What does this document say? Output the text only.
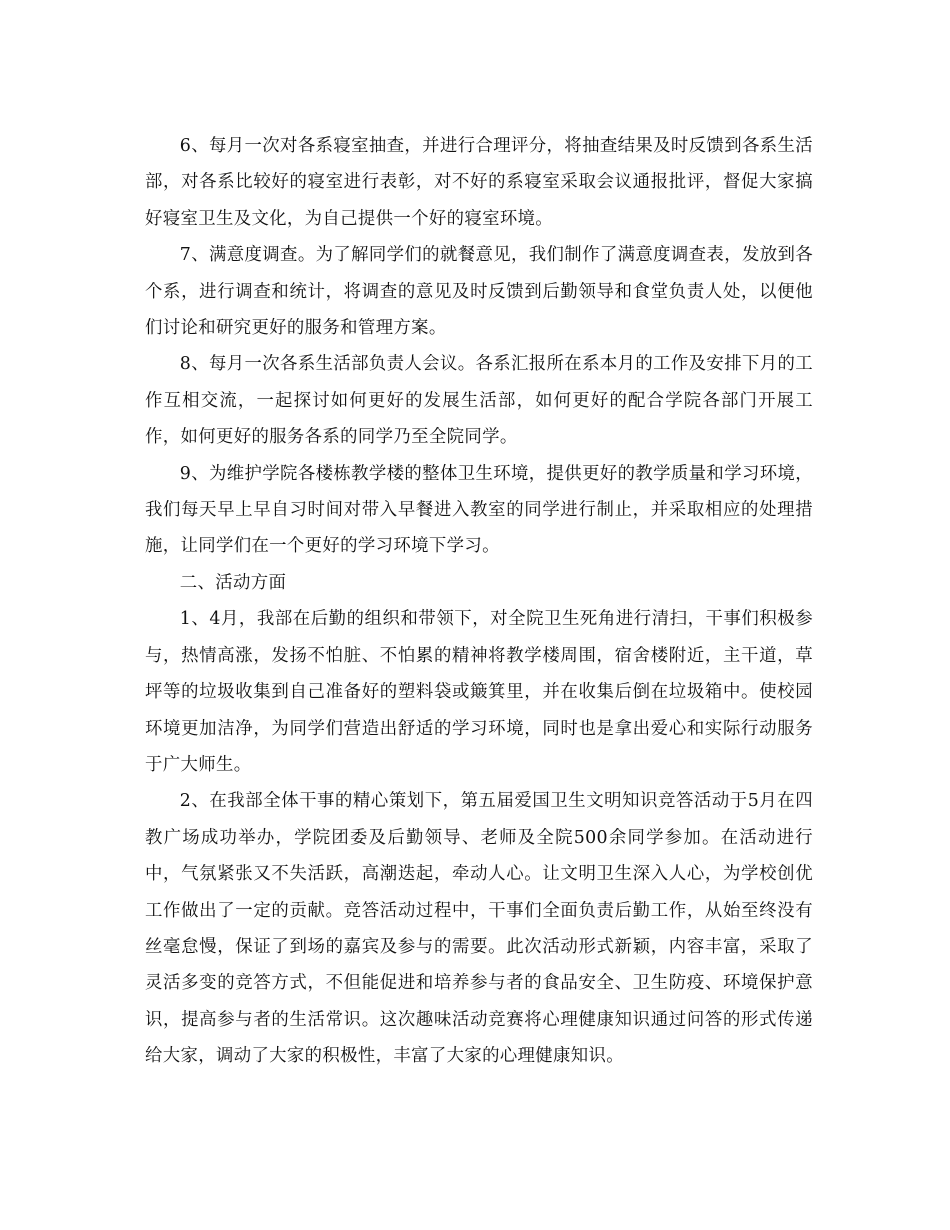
6、每月一次对各系寝室抽查，并进行合理评分，将抽查结果及时反馈到各系生活部，对各系比较好的寝室进行表彰，对不好的系寝室采取会议通报批评，督促大家搞好寝室卫生及文化，为自己提供一个好的寝室环境。

7、满意度调查。为了解同学们的就餐意见，我们制作了满意度调查表，发放到各个系，进行调查和统计，将调查的意见及时反馈到后勤领导和食堂负责人处，以便他们讨论和研究更好的服务和管理方案。

8、每月一次各系生活部负责人会议。各系汇报所在系本月的工作及安排下月的工作互相交流，一起探讨如何更好的发展生活部，如何更好的配合学院各部门开展工作，如何更好的服务各系的同学乃至全院同学。

9、为维护学院各楼栋教学楼的整体卫生环境，提供更好的教学质量和学习环境，我们每天早上早自习时间对带入早餐进入教室的同学进行制止，并采取相应的处理措施，让同学们在一个更好的学习环境下学习。

二、活动方面

1、4月，我部在后勤的组织和带领下，对全院卫生死角进行清扫，干事们积极参与，热情高涨，发扬不怕脏、不怕累的精神将教学楼周围，宿舍楼附近，主干道，草坪等的垃圾收集到自己准备好的塑料袋或簸箕里，并在收集后倒在垃圾箱中。使校园环境更加洁净，为同学们营造出舒适的学习环境，同时也是拿出爱心和实际行动服务于广大师生。

2、在我部全体干事的精心策划下，第五届爱国卫生文明知识竞答活动于5月在四教广场成功举办，学院团委及后勤领导、老师及全院500余同学参加。在活动进行中，气氛紧张又不失活跃，高潮迭起，牵动人心。让文明卫生深入人心，为学校创优工作做出了一定的贡献。竞答活动过程中，干事们全面负责后勤工作，从始至终没有丝毫怠慢，保证了到场的嘉宾及参与的需要。此次活动形式新颖，内容丰富，采取了灵活多变的竞答方式，不但能促进和培养参与者的食品安全、卫生防疫、环境保护意识，提高参与者的生活常识。这次趣味活动竞赛将心理健康知识通过问答的形式传递给大家，调动了大家的积极性，丰富了大家的心理健康知识。
